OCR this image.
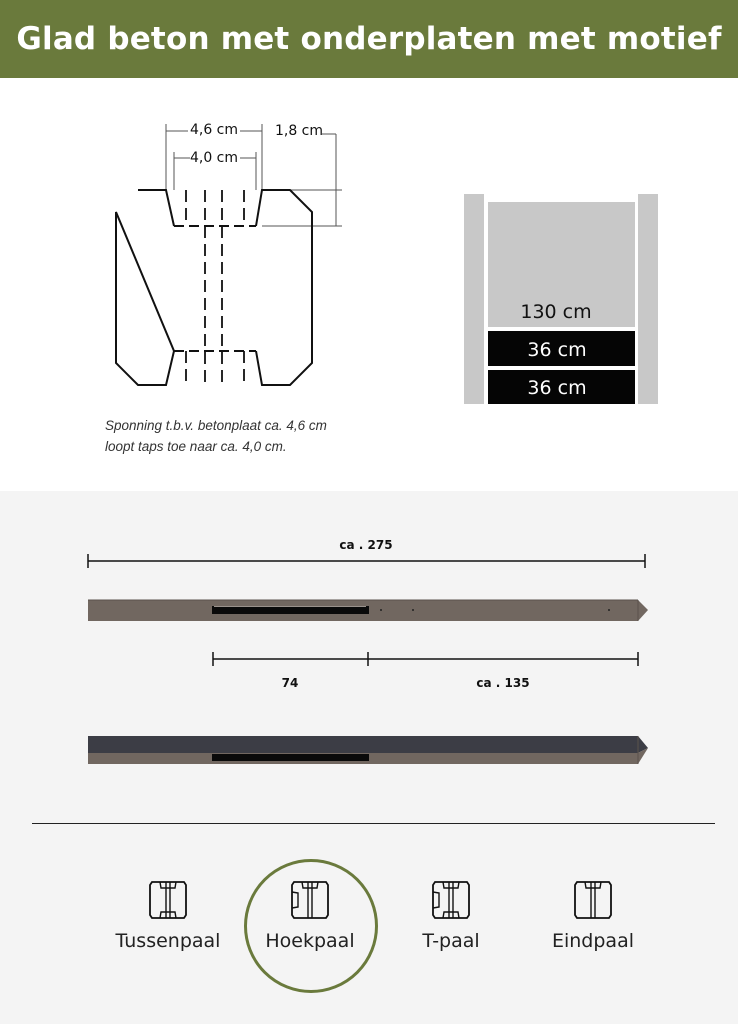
Glad beton met onderplaten met motief
4,6 cm
4,0 cm
1,8 cm
130 cm
36 cm
36 cm
Sponning t.b.v. betonplaat ca. 4,6 cm loopt taps toe naar ca. 4,0 cm.
ca . 275
74	ca . 135
Tussenpaal	Hoekpaal	T-paal	Eindpaal
